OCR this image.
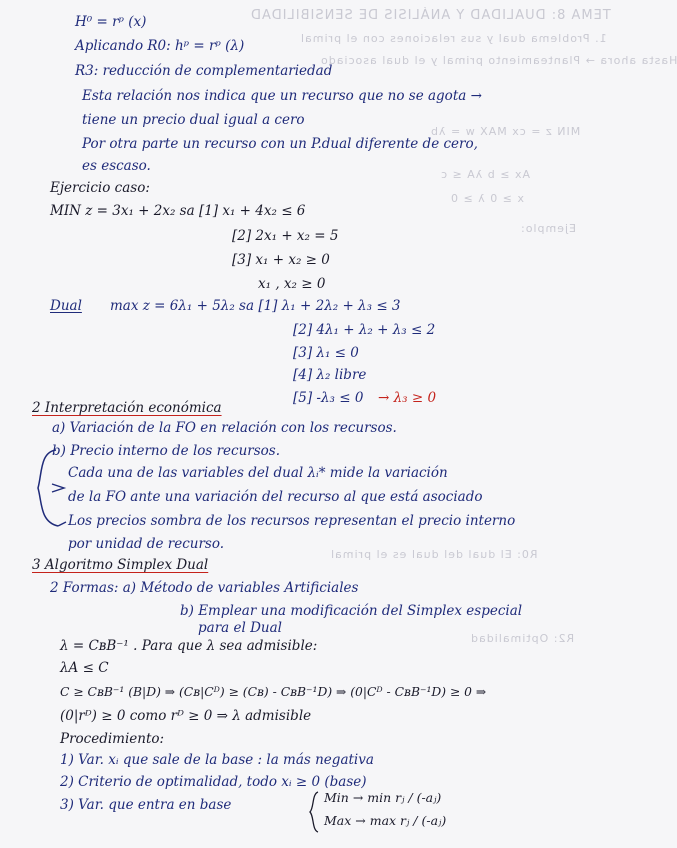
TEMA 8: DUALIDAD Y ANÁLISIS DE SENSIBILIDAD
1. Problema dual y sus relaciones con el primal
Hasta ahora → Planteamiento primal y el dual asociado
MIN z = cx MAX w = λb
Ax ≥ b λA ≤ c
x ≥ 0 λ ≥ 0
Ejemplo:
R0: El dual del dual es el primal
R2: Optimalidad
H⁰ = rᵖ (x)
Aplicando R0: hᵖ = rᵖ (λ)
R3: reducción de complementariedad
Esta relación nos indica que un recurso que no se agota →
tiene un precio dual igual a cero
Por otra parte un recurso con un P.dual diferente de cero,
es escaso.
Ejercicio caso:
MIN z = 3x₁ + 2x₂ sa [1] x₁ + 4x₂ ≤ 6
[2] 2x₁ + x₂ = 5
[3] x₁ + x₂ ≥ 0
x₁ , x₂ ≥ 0
Dual max z = 6λ₁ + 5λ₂ sa [1] λ₁ + 2λ₂ + λ₃ ≤ 3
[2] 4λ₁ + λ₂ + λ₃ ≤ 2
[3] λ₁ ≤ 0
[4] λ₂ libre
[5] -λ₃ ≤ 0 → λ₃ ≥ 0
2 Interpretación económica
a) Variación de la FO en relación con los recursos.
b) Precio interno de los recursos.
Cada una de las variables del dual λᵢ* mide la variación
de la FO ante una variación del recurso al que está asociado
Los precios sombra de los recursos representan el precio interno
por unidad de recurso.
3 Algoritmo Simplex Dual
2 Formas: a) Método de variables Artificiales
b) Emplear una modificación del Simplex especial
para el Dual
λ = CʙB⁻¹ . Para que λ sea admisible:
λA ≤ C
C ≥ CʙB⁻¹ (B|D) ⇒ (Cʙ|Cᴰ) ≥ (Cʙ) - CʙB⁻¹D) ⇒ (0|Cᴰ - CʙB⁻¹D) ≥ 0 ⇒
(0|rᴰ) ≥ 0 como rᴰ ≥ 0 ⇒ λ admisible
Procedimiento:
1) Var. xᵢ que sale de la base : la más negativa
2) Criterio de optimalidad, todo xᵢ ≥ 0 (base)
3) Var. que entra en base	Min → min rⱼ / (-aⱼ)
Max → max rⱼ / (-aⱼ)
